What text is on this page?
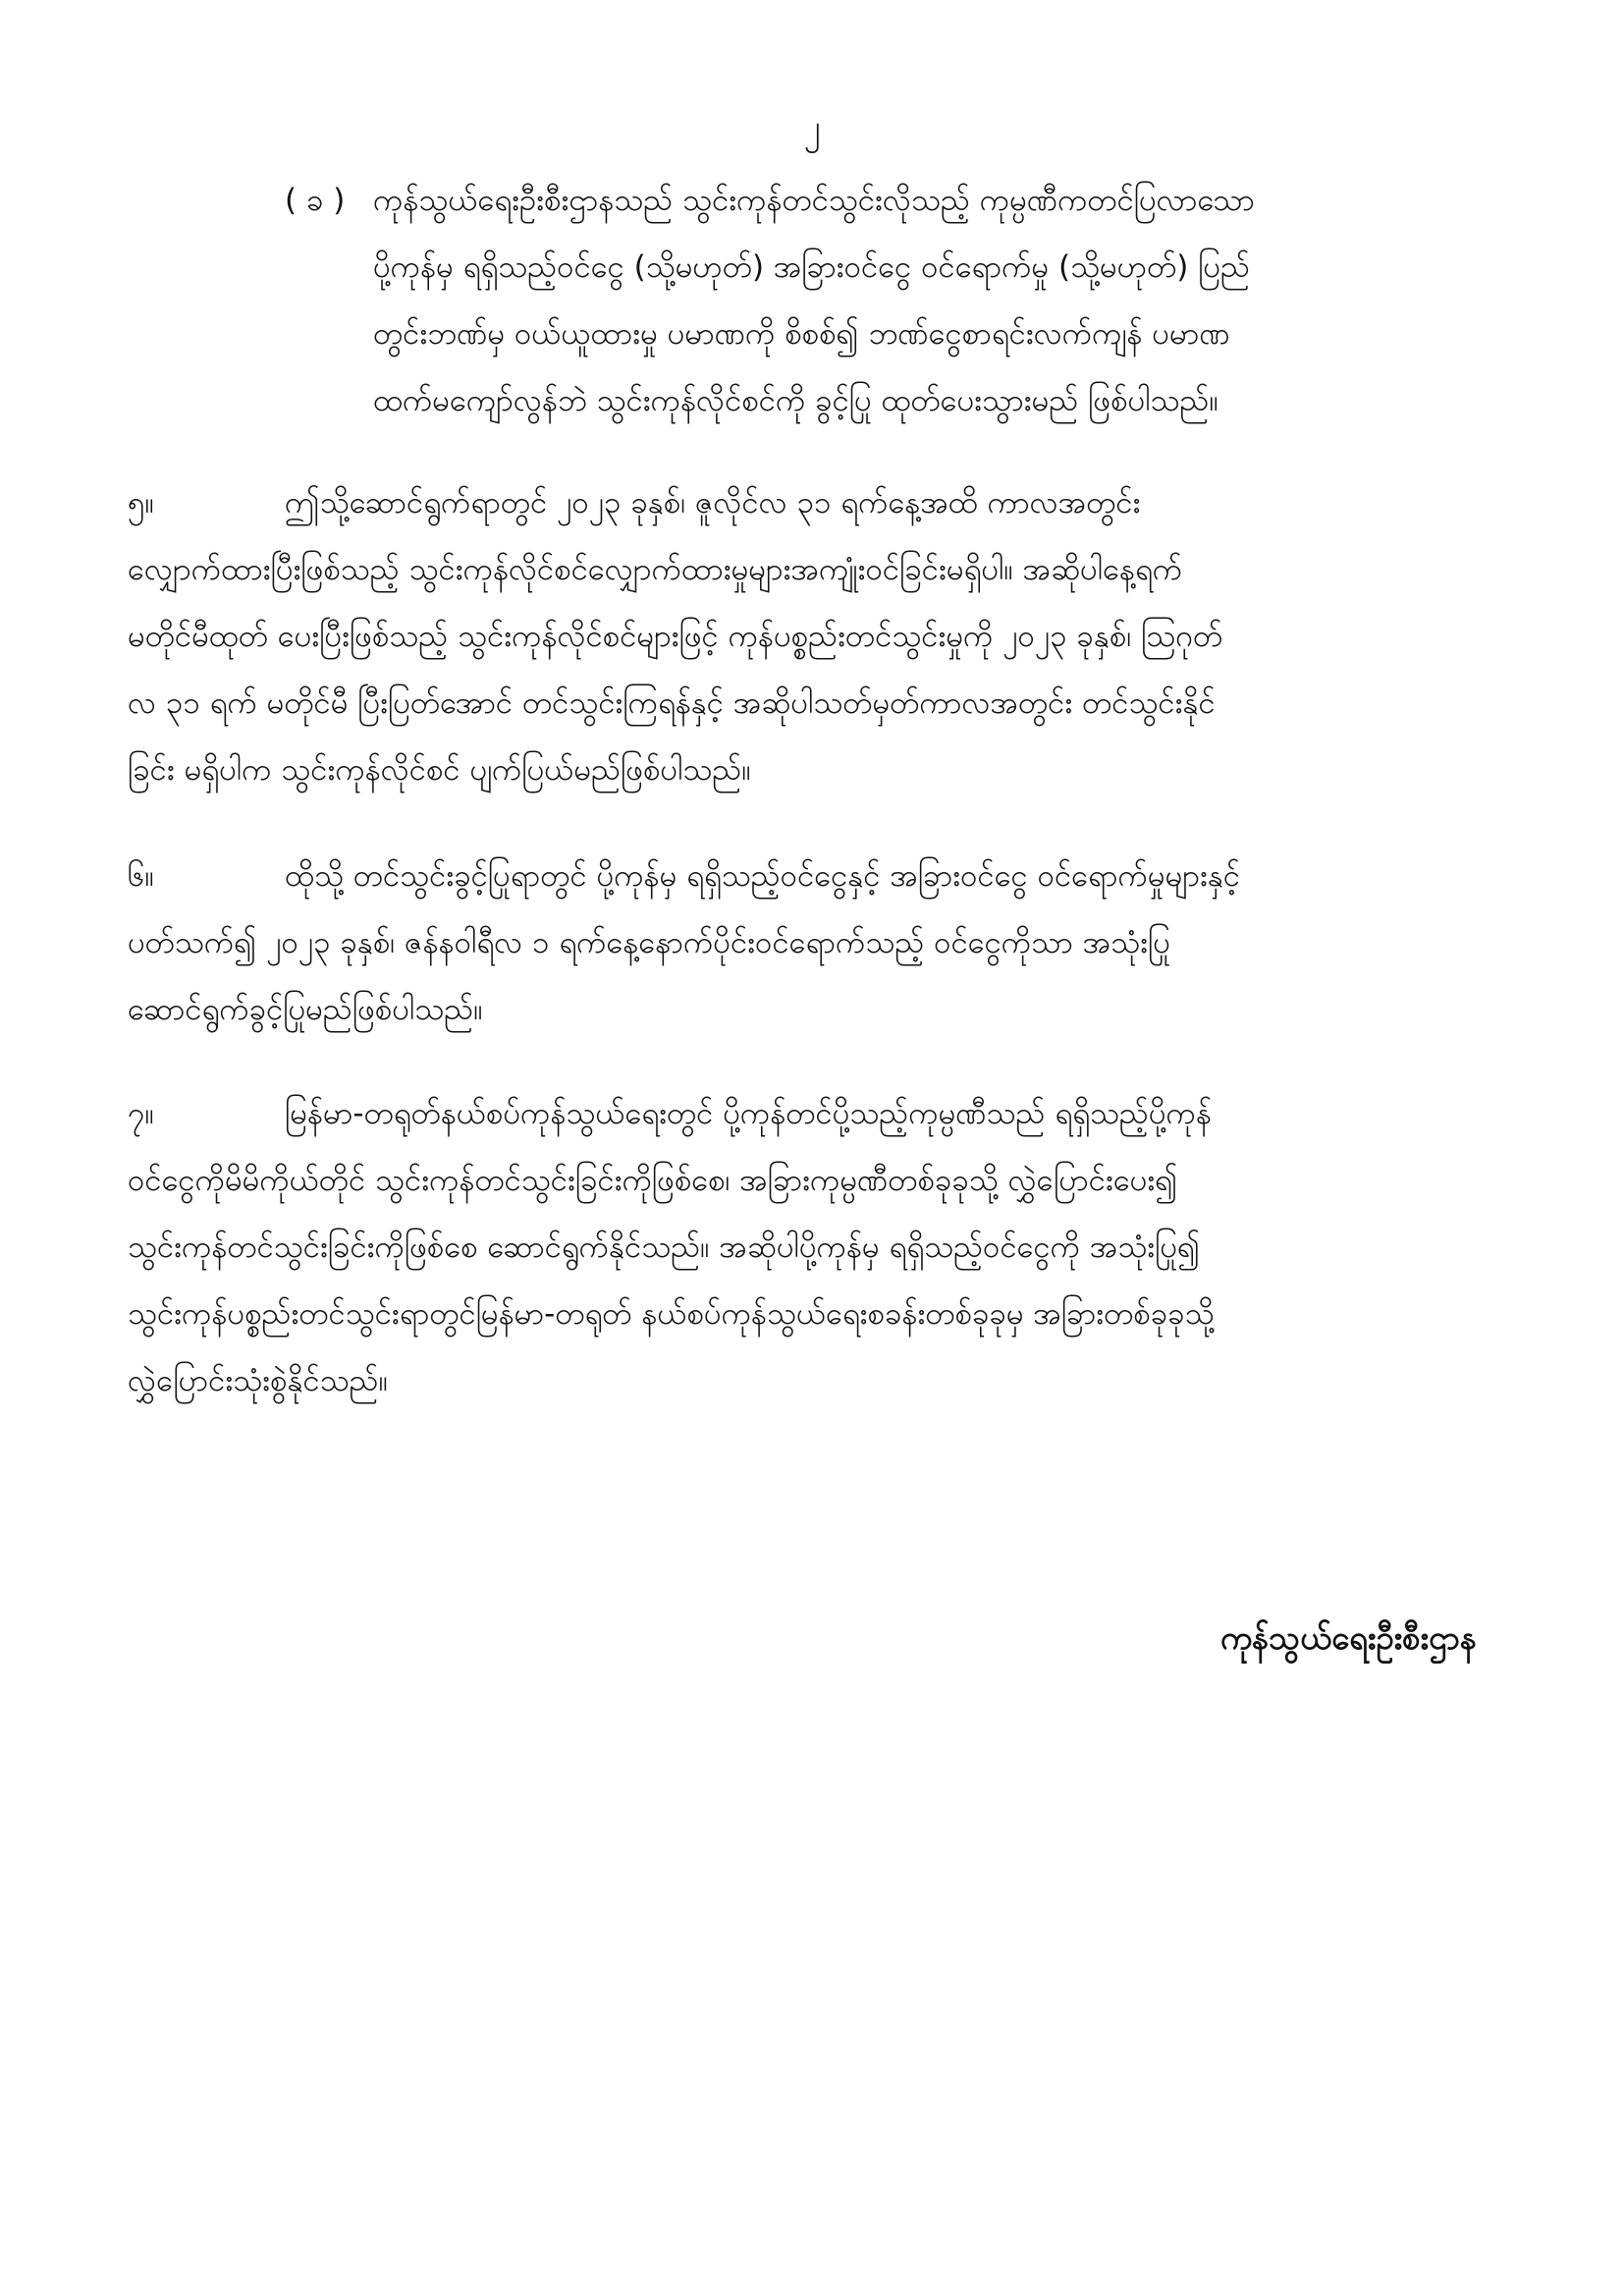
၂
( ခ ) ကုန်သွယ်ရေးဦးစီးဌာနသည် သွင်းကုန်တင်သွင်းလိုသည့် ကုမ္ပဏီကတင်ပြလာသော
ပို့ကုန်မှ ရရှိသည့်ဝင်ငွေ (သို့မဟုတ်) အခြားဝင်ငွေ ဝင်ရောက်မှု (သို့မဟုတ်) ပြည်
တွင်းဘဏ်မှ ဝယ်ယူထားမှု ပမာဏကို စိစစ်၍ ဘဏ်ငွေစာရင်းလက်ကျန် ပမာဏ
ထက်မကျော်လွန်ဘဲ သွင်းကုန်လိုင်စင်ကို ခွင့်ပြု ထုတ်ပေးသွားမည် ဖြစ်ပါသည်။
၅။	ဤသို့ဆောင်ရွက်ရာတွင် ၂၀၂၃ ခုနှစ်၊ ဇူလိုင်လ ၃၁ ရက်နေ့အထိ ကာလအတွင်း
လျှောက်ထားပြီးဖြစ်သည့် သွင်းကုန်လိုင်စင်လျှောက်ထားမှုများအကျုံးဝင်ခြင်းမရှိပါ။ အဆိုပါနေ့ရက်
မတိုင်မီထုတ် ပေးပြီးဖြစ်သည့် သွင်းကုန်လိုင်စင်များဖြင့် ကုန်ပစ္စည်းတင်သွင်းမှုကို ၂၀၂၃ ခုနှစ်၊ ဩဂုတ်
လ ၃၁ ရက် မတိုင်မီ ပြီးပြတ်အောင် တင်သွင်းကြရန်နှင့် အဆိုပါသတ်မှတ်ကာလအတွင်း တင်သွင်းနိုင်
ခြင်း မရှိပါက သွင်းကုန်လိုင်စင် ပျက်ပြယ်မည်ဖြစ်ပါသည်။
၆။	ထိုသို့ တင်သွင်းခွင့်ပြုရာတွင် ပို့ကုန်မှ ရရှိသည့်ဝင်ငွေနှင့် အခြားဝင်ငွေ ဝင်ရောက်မှုများနှင့်
ပတ်သက်၍ ၂၀၂၃ ခုနှစ်၊ ဇန်နဝါရီလ ၁ ရက်နေ့နောက်ပိုင်းဝင်ရောက်သည့် ဝင်ငွေကိုသာ အသုံးပြု
ဆောင်ရွက်ခွင့်ပြုမည်ဖြစ်ပါသည်။
၇။	မြန်မာ-တရုတ်နယ်စပ်ကုန်သွယ်ရေးတွင် ပို့ကုန်တင်ပို့သည့်ကုမ္ပဏီသည် ရရှိသည့်ပို့ကုန်
ဝင်ငွေကိုမိမိကိုယ်တိုင် သွင်းကုန်တင်သွင်းခြင်းကိုဖြစ်စေ၊ အခြားကုမ္ပဏီတစ်ခုခုသို့ လွှဲပြောင်းပေး၍
သွင်းကုန်တင်သွင်းခြင်းကိုဖြစ်စေ ဆောင်ရွက်နိုင်သည်။ အဆိုပါပို့ကုန်မှ ရရှိသည့်ဝင်ငွေကို အသုံးပြု၍
သွင်းကုန်ပစ္စည်းတင်သွင်းရာတွင်မြန်မာ-တရုတ် နယ်စပ်ကုန်သွယ်ရေးစခန်းတစ်ခုခုမှ အခြားတစ်ခုခုသို့
လွှဲပြောင်းသုံးစွဲနိုင်သည်။
ကုန်သွယ်ရေးဦးစီးဌာန
